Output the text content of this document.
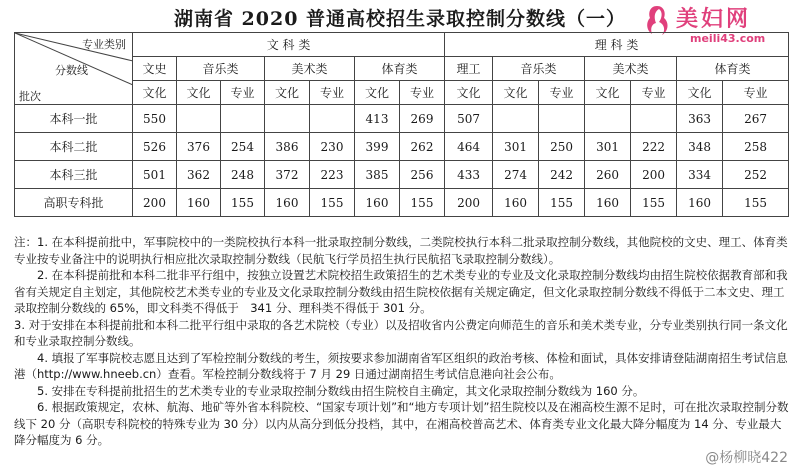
湖南省 2020 普通高校招生录取控制分数线（一）	美妇网
meili43.com
专业类别
分数线
批次	文 科 类							理 科 类						
	文史	音乐类		美术类		体育类		理工	音乐类		美术类		体育类	
	文化	文化	专业	文化	专业	文化	专业	文化	文化	专业	文化	专业	文化	专业
本科一批	550					413	269	507					363	267
本科二批	526	376	254	386	230	399	262	464	301	250	301	222	348	258
本科三批	501	362	248	372	223	385	256	433	274	242	260	200	334	252
高职专科批	200	160	155	160	155	160	155	200	160	155	160	155	160	155

注：1. 在本科提前批中，军事院校中的一类院校执行本科一批录取控制分数线，二类院校执行本科二批录取控制分数线，其他院校的文史、理工、体育类专业按专业备注中的说明执行相应批次录取控制分数线（民航飞行学员招生执行民航招飞录取控制分数线）。

2. 在本科提前批和本科二批非平行组中，按独立设置艺术院校招生政策招生的艺术类专业的专业及文化录取控制分数线均由招生院校依据教育部和我省有关规定自主划定，其他院校艺术类专业的专业及文化录取控制分数线由招生院校依据有关规定确定，但文化录取控制分数线不得低于二本文史、理工录取控制分数线的 65%，即文科类不得低于　341 分、理科类不得低于 301 分。

3. 对于安排在本科提前批和本科二批平行组中录取的各艺术院校（专业）以及招收省内公费定向师范生的音乐和美术类专业，分专业类别执行同一条文化和专业录取控制分数线。

4. 填报了军事院校志愿且达到了军检控制分数线的考生，须按要求参加湖南省军区组织的政治考核、体检和面试，具体安排请登陆湖南招生考试信息港（http://www.hneeb.cn）查看。军检控制分数线将于 7 月 29 日通过湖南招生考试信息港向社会公布。

5. 安排在专科提前批招生的艺术类专业的专业录取控制分数线由招生院校自主确定，其文化录取控制分数线为 160 分。

6. 根据政策规定，农林、航海、地矿等外省本科院校、“国家专项计划”和“地方专项计划”招生院校以及在湘高校生源不足时，可在批次录取控制分数线下 20 分（高职专科院校的特殊专业为 30 分）以内从高分到低分投档，其中，在湘高校普高艺术、体育类专业文化最大降分幅度为 14 分、专业最大降分幅度为 6 分。

@杨柳晓422
